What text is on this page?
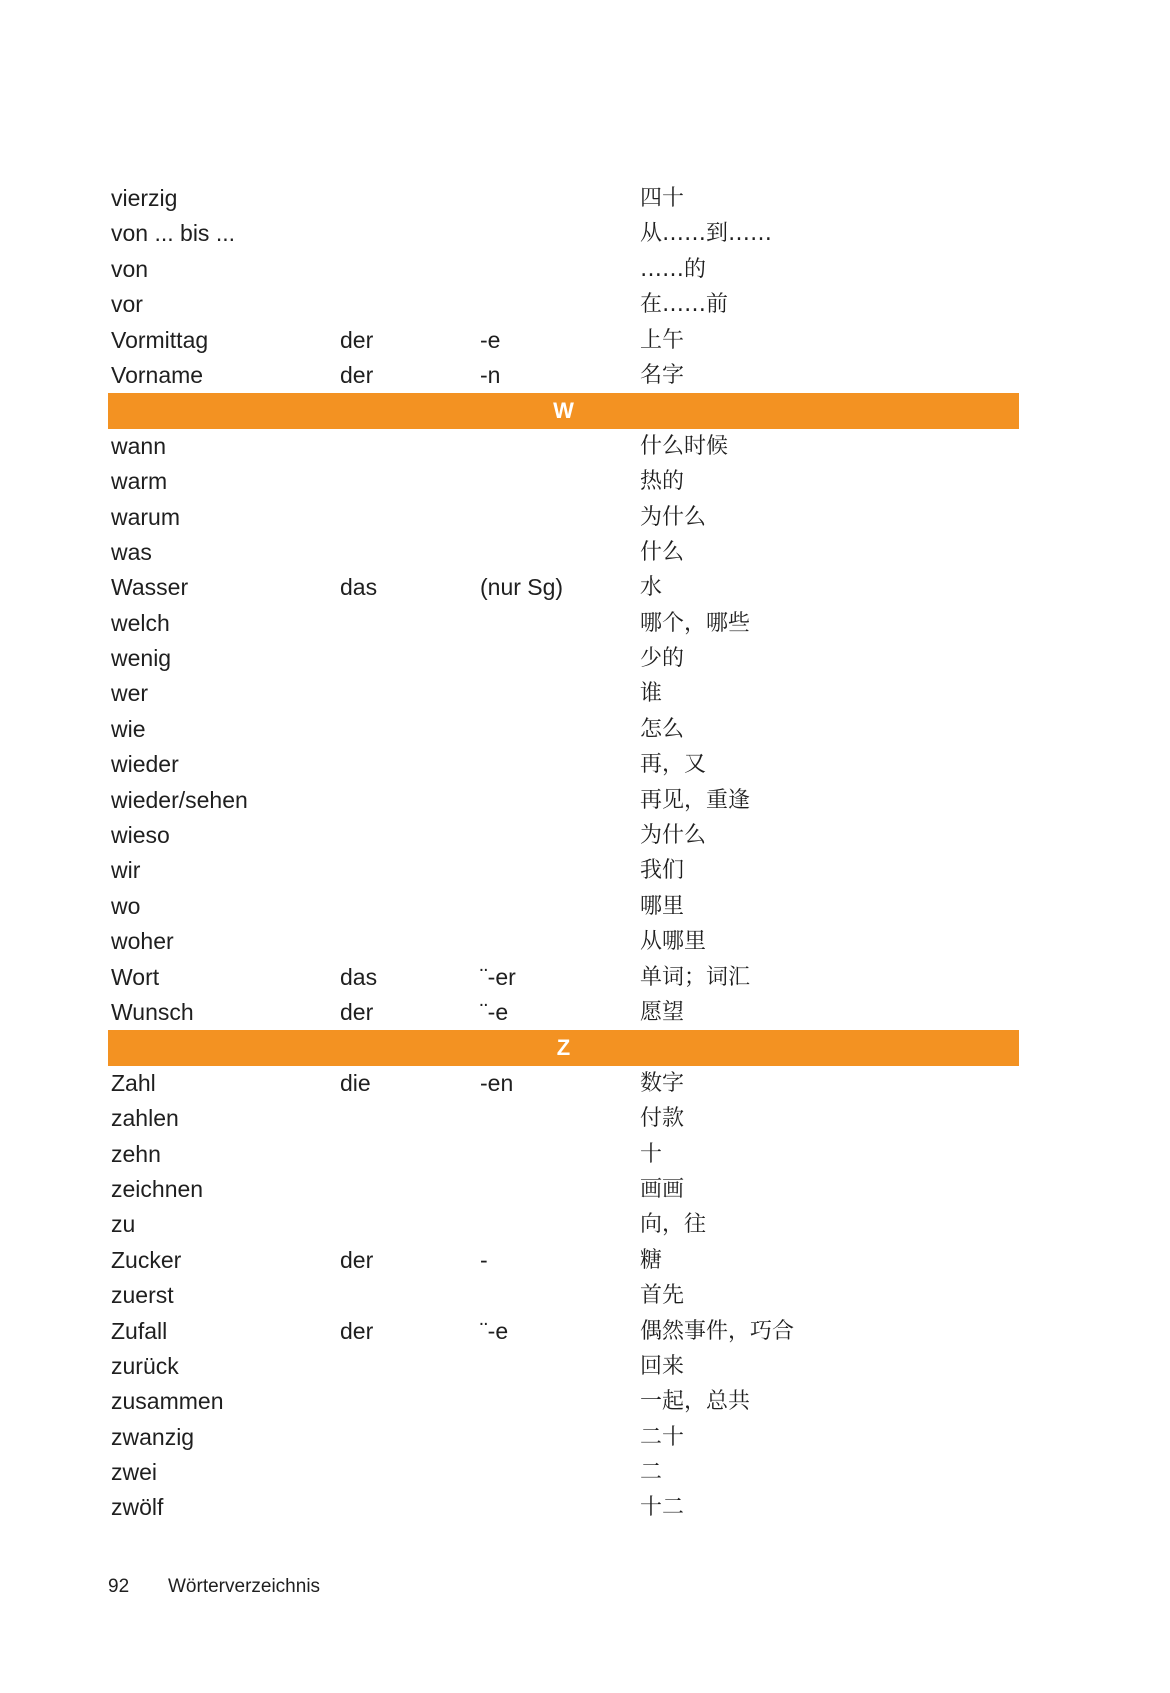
vierzig	四十
von ... bis ...	从……到……
von	……的
vor	在……前
Vormittag	der	-e	上午
Vorname	der	-n	名字
W
wann	什么时候
warm	热的
warum	为什么
was	什么
Wasser	das	(nur Sg)	水
welch	哪个，哪些
wenig	少的
wer	谁
wie	怎么
wieder	再，又
wieder/sehen	再见，重逢
wieso	为什么
wir	我们
wo	哪里
woher	从哪里
Wort	das	¨-er	单词；词汇
Wunsch	der	¨-e	愿望
Z
Zahl	die	-en	数字
zahlen	付款
zehn	十
zeichnen	画画
zu	向，往
Zucker	der	-	糖
zuerst	首先
Zufall	der	¨-e	偶然事件，巧合
zurück	回来
zusammen	一起，总共
zwanzig	二十
zwei	二
zwölf	十二
92 Wörterverzeichnis
